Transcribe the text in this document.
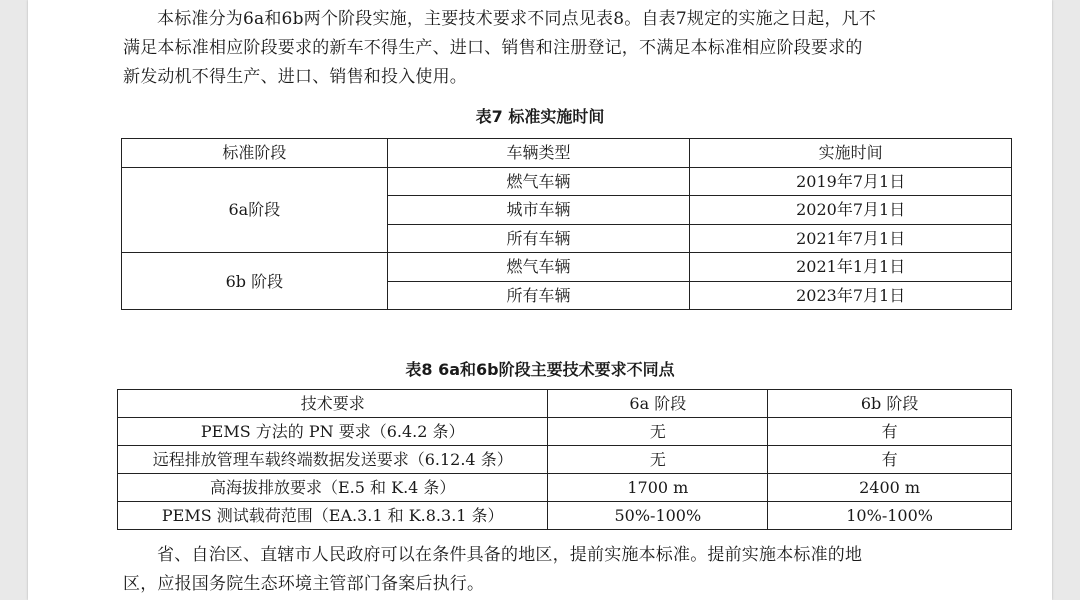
本标准分为6a和6b两个阶段实施，主要技术要求不同点见表8。自表7规定的实施之日起，凡不

满足本标准相应阶段要求的新车不得生产、进口、销售和注册登记，不满足本标准相应阶段要求的

新发动机不得生产、进口、销售和投入使用。

表7 标准实施时间
标准阶段	车辆类型	实施时间
6a阶段	燃气车辆	2019年7月1日
	城市车辆	2020年7月1日
	所有车辆	2021年7月1日
6b 阶段	燃气车辆	2021年1月1日
	所有车辆	2023年7月1日
表8 6a和6b阶段主要技术要求不同点
技术要求	6a 阶段	6b 阶段
PEMS 方法的 PN 要求（6.4.2 条）	无	有
远程排放管理车载终端数据发送要求（6.12.4 条）	无	有
高海拔排放要求（E.5 和 K.4 条）	1700 m	2400 m
PEMS 测试载荷范围（EA.3.1 和 K.8.3.1 条）	50%-100%	10%-100%

省、自治区、直辖市人民政府可以在条件具备的地区，提前实施本标准。提前实施本标准的地

区，应报国务院生态环境主管部门备案后执行。
